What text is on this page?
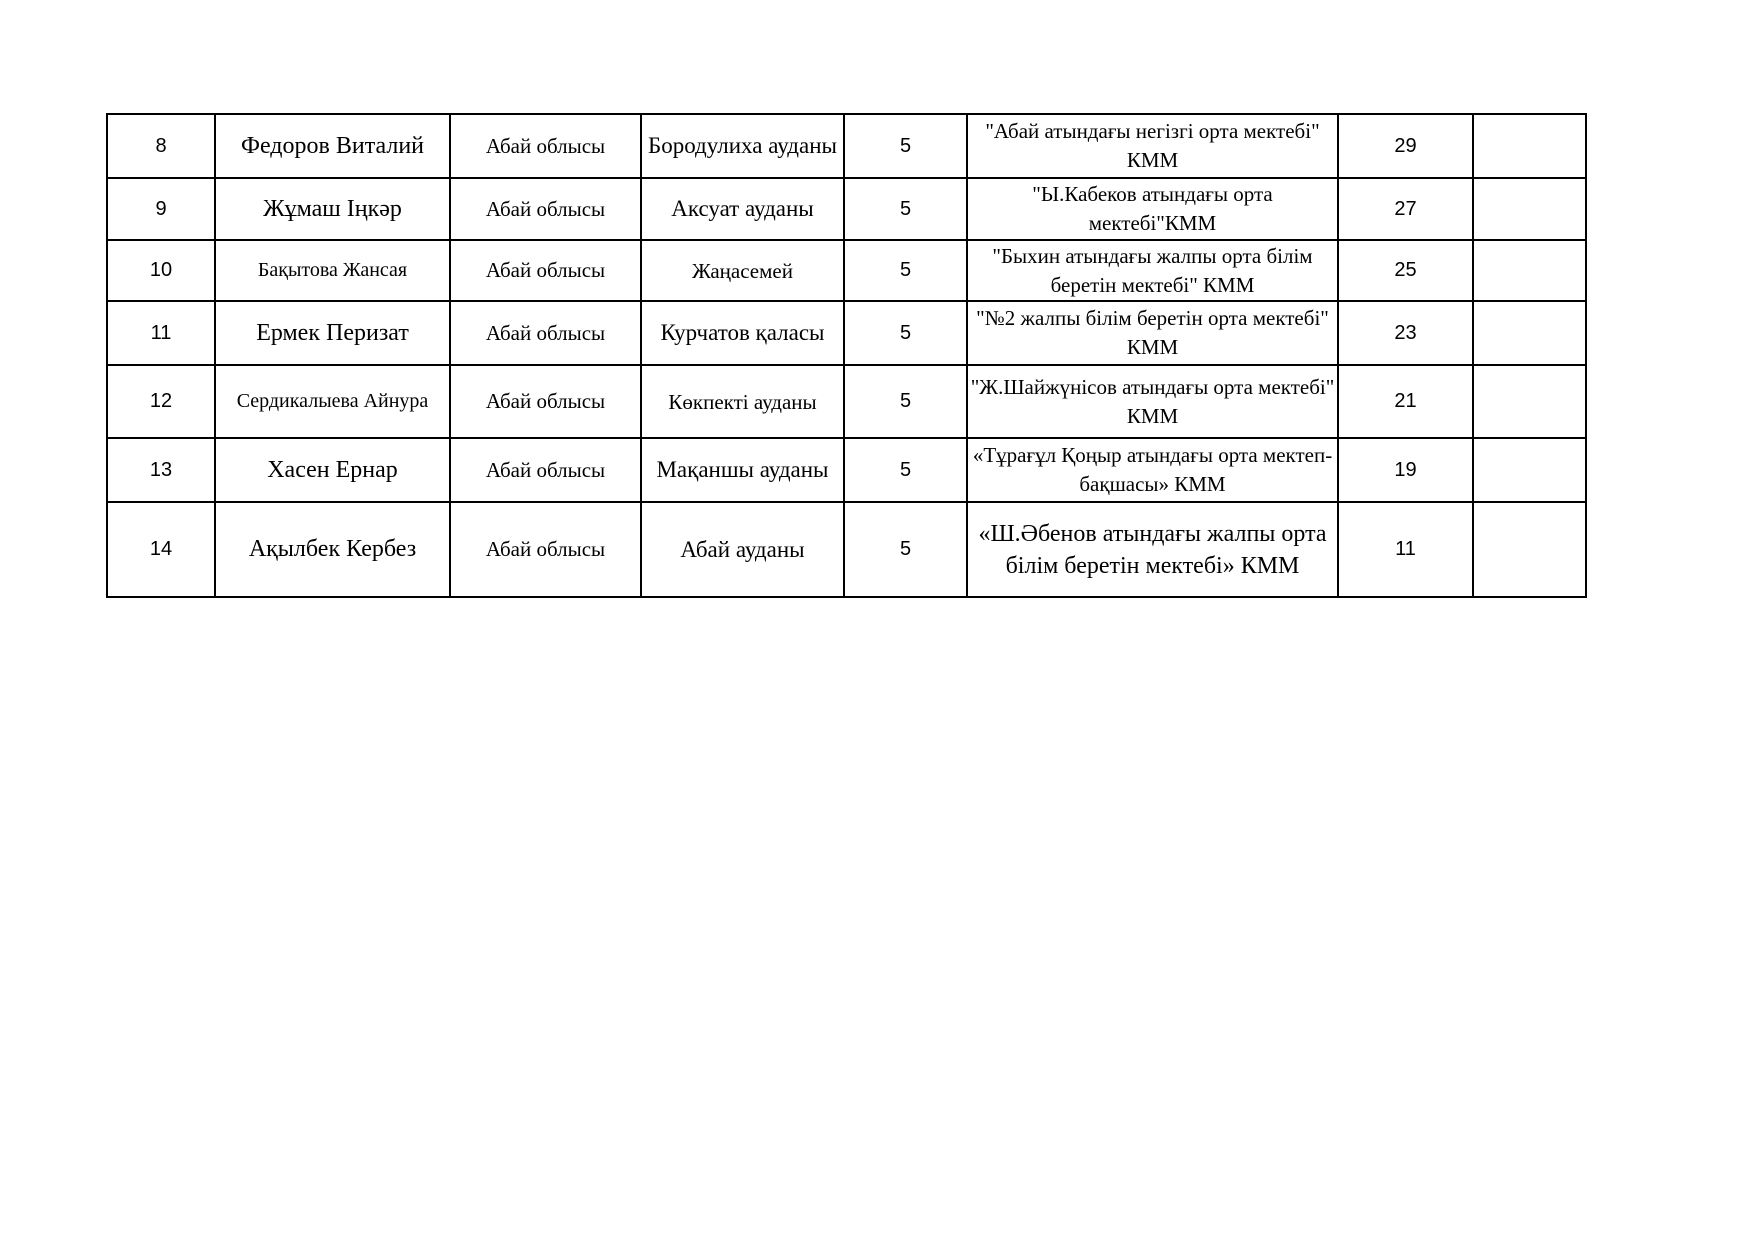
8	Федоров Виталий	Абай облысы	Бородулиха ауданы	5	"Абай атындағы негізгі орта мектебі" КММ	29	
9	Жұмаш Іңкәр	Абай облысы	Аксуат ауданы	5	"Ы.Кабеков атындағы орта мектебі"КММ	27	
10	Бақытова Жансая	Абай облысы	Жаңасемей	5	"Быхин атындағы жалпы орта білім беретін мектебі" КММ	25	
11	Ермек Перизат	Абай облысы	Курчатов қаласы	5	"№2 жалпы білім беретін орта мектебі" КММ	23	
12	Сердикалыева Айнура	Абай облысы	Көкпекті ауданы	5	"Ж.Шайжүнісов атындағы орта мектебі" КММ	21	
13	Хасен Ернар	Абай облысы	Мақаншы ауданы	5	«Тұрағұл Қоңыр атындағы орта мектеп-бақшасы» КММ	19	
14	Ақылбек Кербез	Абай облысы	Абай ауданы	5	«Ш.Әбенов атындағы жалпы орта білім беретін мектебі» КММ	11	
